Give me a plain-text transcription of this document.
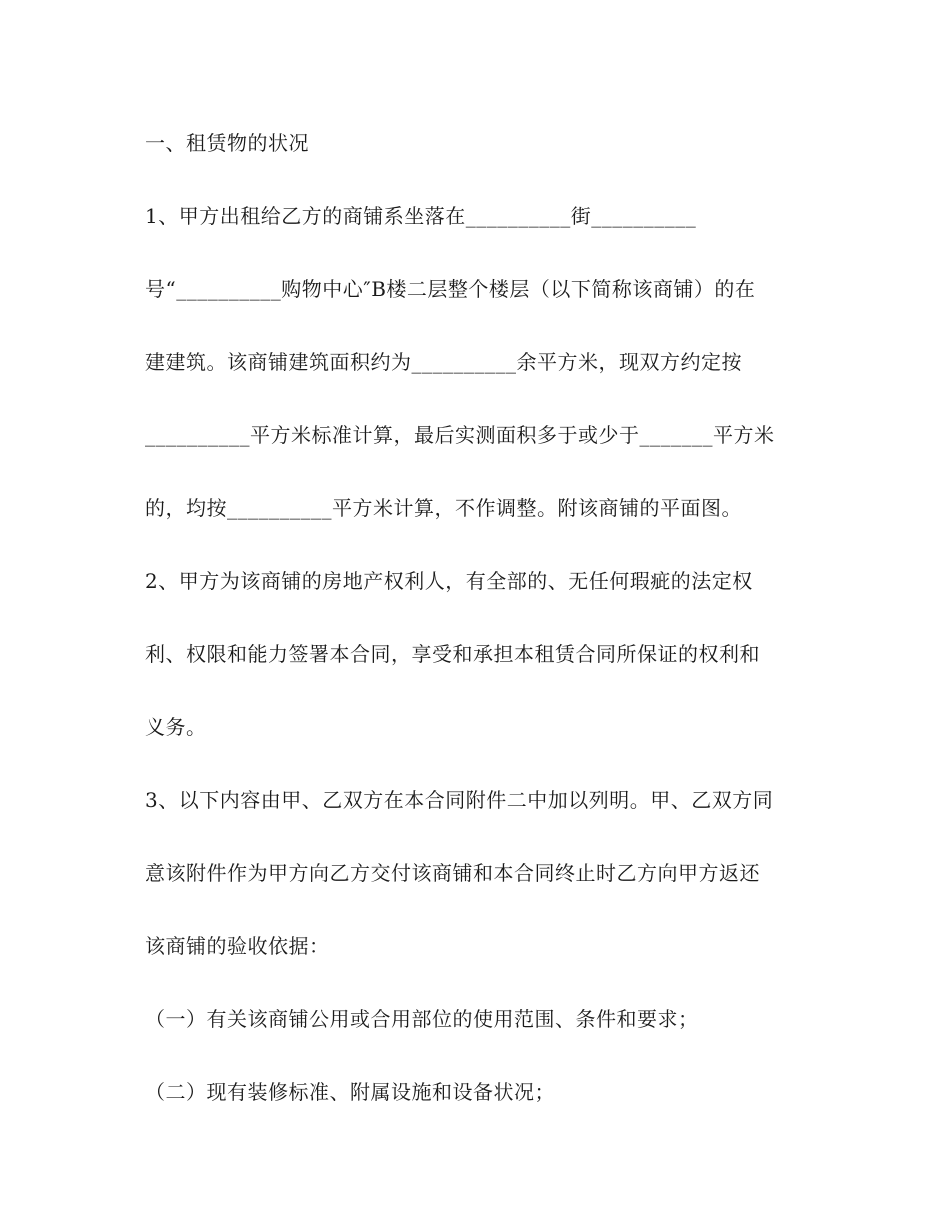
一、租赁物的状况
1、甲方出租给乙方的商铺系坐落在__________街__________
号“__________购物中心″B楼二层整个楼层（以下简称该商铺）的在
建建筑。该商铺建筑面积约为__________余平方米，现双方约定按
__________平方米标准计算，最后实测面积多于或少于_______平方米
的，均按__________平方米计算，不作调整。附该商铺的平面图。
2、甲方为该商铺的房地产权利人，有全部的、无任何瑕疵的法定权
利、权限和能力签署本合同，享受和承担本租赁合同所保证的权利和
义务。
3、以下内容由甲、乙双方在本合同附件二中加以列明。甲、乙双方同
意该附件作为甲方向乙方交付该商铺和本合同终止时乙方向甲方返还
该商铺的验收依据：
（一）有关该商铺公用或合用部位的使用范围、条件和要求；
（二）现有装修标准、附属设施和设备状况；
